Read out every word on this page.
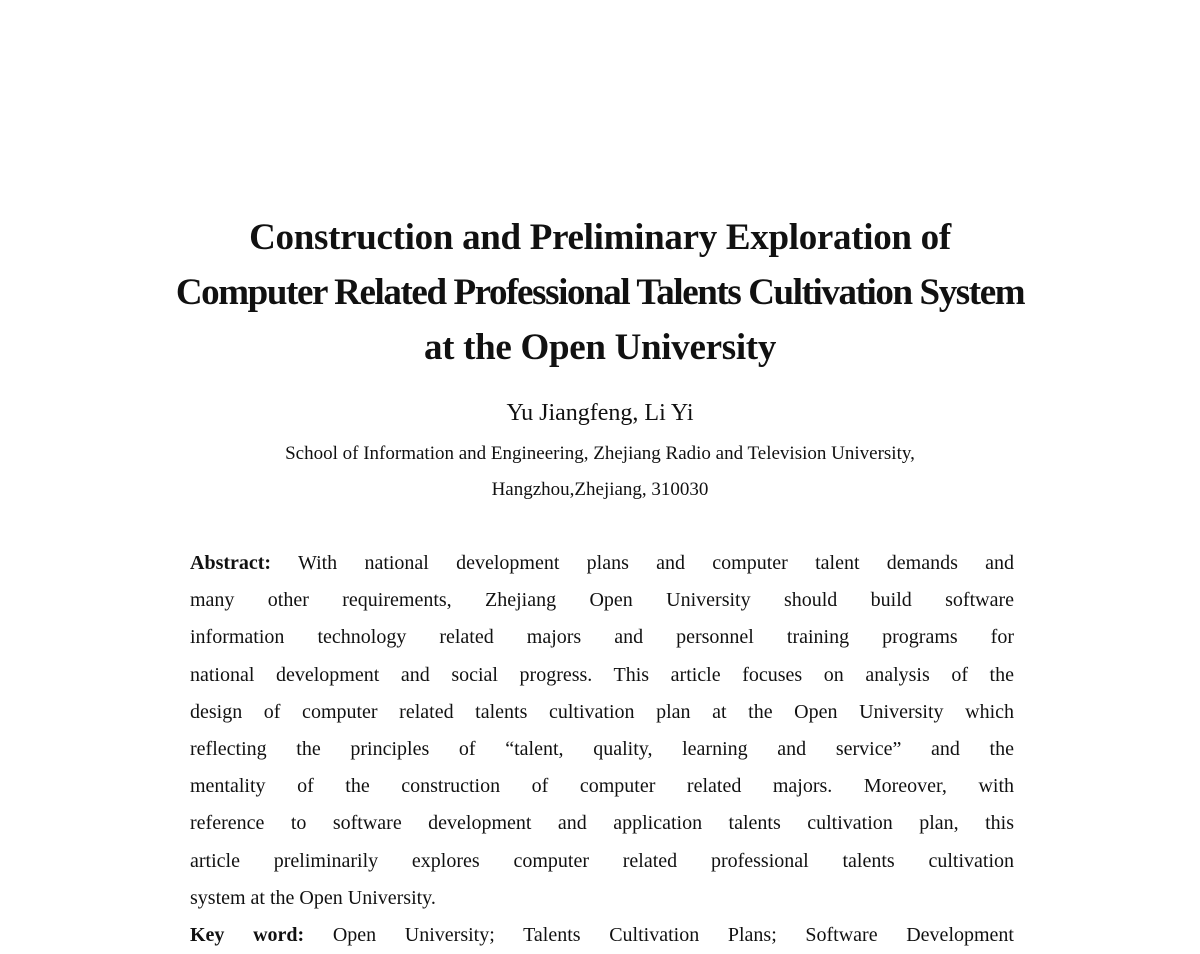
Construction and Preliminary Exploration of
Computer Related Professional Talents Cultivation System
at the Open University
Yu Jiangfeng, Li Yi
School of Information and Engineering, Zhejiang Radio and Television University,
Hangzhou,Zhejiang, 310030
Abstract: With national development plans and computer talent demands and
many other requirements, Zhejiang Open University should build software
information technology related majors and personnel training programs for
national development and social progress. This article focuses on analysis of the
design of computer related talents cultivation plan at the Open University which
reflecting the principles of “talent, quality, learning and service” and the
mentality of the construction of computer related majors. Moreover, with
reference to software development and application talents cultivation plan, this
article preliminarily explores computer related professional talents cultivation
system at the Open University.
Key word: Open University; Talents Cultivation Plans; Software Development
